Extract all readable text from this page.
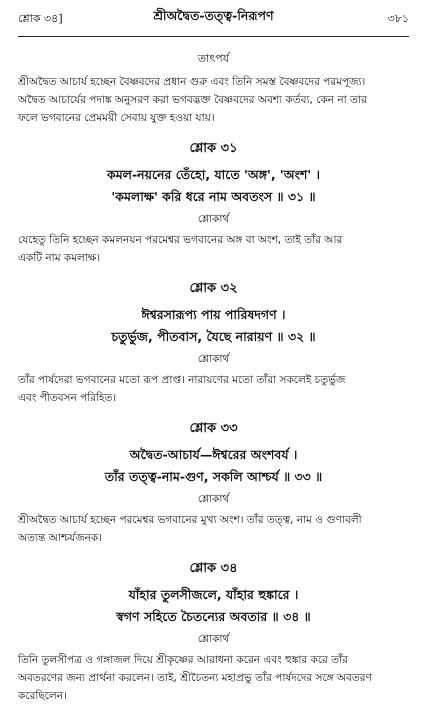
শ্লোক ৩৪]	শ্রীঅদ্বৈত-তত্ত্ব-নিরূপণ	৩৮১
তাৎপর্য

শ্রীঅদ্বৈত আচার্য হচ্ছেন বৈষ্ণবদের প্রধান গুরু এবং তিনি সমস্ত বৈষ্ণবদের পরমপূজ্য।

অদ্বৈত আচার্যের পদাঙ্ক অনুসরণ করা ভগবদ্ভক্ত বৈষ্ণবদের অবশ্য কর্তব্য, কেন না তার

ফলে ভগবানের প্রেমময়ী সেবায় যুক্ত হওয়া যায়।

শ্লোক ৩১
কমল-নয়নের তেঁহো, যাতে 'অঙ্গ', 'অংশ' ।
'কমলাক্ষ' করি ধরে নাম অবতংস ॥ ৩১ ॥
শ্লোকার্থ

যেহেতু তিনি হচ্ছেন কমলনয়ন পরমেশ্বর ভগবানের অঙ্গ বা অংশ, তাই তাঁর আর

একটি নাম কমলাক্ষ।

শ্লোক ৩২
ঈশ্বরসারূপ্য পায় পারিষদগণ ।
চতুর্ভুজ, পীতবাস, যৈছে নারায়ণ ॥ ৩২ ॥
শ্লোকার্থ

তাঁর পার্ষদেরা ভগবানের মতো রূপ প্রাপ্ত। নারায়ণের মতো তাঁরা সকলেই চতুর্ভুজ

এবং পীতবসন পরিহিত।

শ্লোক ৩৩
অদ্বৈত-আচার্য—ঈশ্বরের অংশবর্য ।
তাঁর তত্ত্ব-নাম-গুণ, সকলি আশ্চর্য ॥ ৩৩ ॥
শ্লোকার্থ

শ্রীঅদ্বৈত আচার্য হচ্ছেন পরমেশ্বর ভগবানের মুখ্য অংশ। তাঁর তত্ত্ব, নাম ও গুণাবলী

অত্যন্ত আশ্চর্যজনক।

শ্লোক ৩৪
যাঁহার তুলসীজলে, যাঁহার হুঙ্কারে ।
স্বগণ সহিতে চৈতন্যের অবতার ॥ ৩৪ ॥
শ্লোকার্থ

তিনি তুলসীপত্র ও গঙ্গাজল দিয়ে শ্রীকৃষ্ণের আরাধনা করেন এবং হুঙ্কার করে তাঁর

অবতরণের জন্য প্রার্থনা করলেন। তাই, শ্রীচৈতন্য মহাপ্রভু তাঁর পার্ষদদের সঙ্গে অবতরণ

করেছিলেন।
